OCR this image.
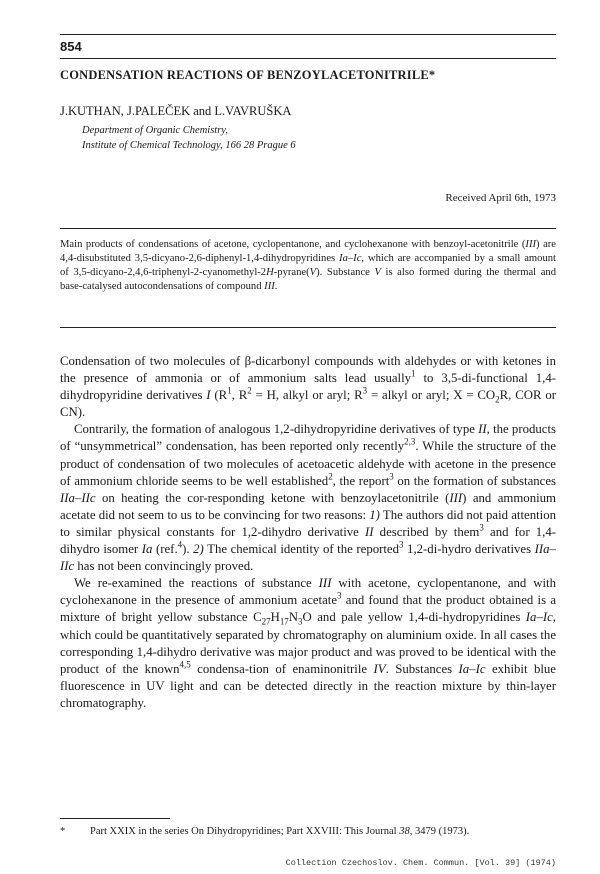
854
CONDENSATION REACTIONS OF BENZOYLACETONITRILE*
J.KUTHAN, J.PALEČEK and L.VAVRUŠKA
Department of Organic Chemistry,
Institute of Chemical Technology, 166 28 Prague 6
Received April 6th, 1973
Main products of condensations of acetone, cyclopentanone, and cyclohexanone with benzoyl-acetonitrile (III) are 4,4-disubstituted 3,5-dicyano-2,6-diphenyl-1,4-dihydropyridines Ia–Ic, which are accompanied by a small amount of 3,5-dicyano-2,4,6-triphenyl-2-cyanomethyl-2H-pyrane(V). Substance V is also formed during the thermal and base-catalysed autocondensations of compound III.

Condensation of two molecules of β-dicarbonyl compounds with aldehydes or with ketones in the presence of ammonia or of ammonium salts lead usually$^1$ to 3,5-di-functional 1,4-dihydropyridine derivatives I ($R^1$, $R^2 = H$, alkyl or aryl; $R^3$ = alkyl or aryl; $X = CO_2R$, COR or CN).

Contrarily, the formation of analogous 1,2-dihydropyridine derivatives of type II, the products of “unsymmetrical” condensation, has been reported only recently$^{2,3}$. While the structure of the product of condensation of two molecules of acetoacetic aldehyde with acetone in the presence of ammonium chloride seems to be well established$^2$, the report$^3$ on the formation of substances IIa–IIc on heating the cor-responding ketone with benzoylacetonitrile (III) and ammonium acetate did not seem to us to be convincing for two reasons: 1) The authors did not paid attention to similar physical constants for 1,2-dihydro derivative II described by them$^3$ and for 1,4-dihydro isomer Ia (ref.$^4$). 2) The chemical identity of the reported$^3$ 1,2-di-hydro derivatives IIa–IIc has not been convincingly proved.

We re-examined the reactions of substance III with acetone, cyclopentanone, and with cyclohexanone in the presence of ammonium acetate$^3$ and found that the product obtained is a mixture of bright yellow substance $C_{27}H_{17}N_3O$ and pale yellow 1,4-di-hydropyridines Ia–Ic, which could be quantitatively separated by chromatography on aluminium oxide. In all cases the corresponding 1,4-dihydro derivative was major product and was proved to be identical with the product of the known$^{4,5}$ condensa-tion of enaminonitrile IV. Substances Ia–Ic exhibit blue fluorescence in UV light and can be detected directly in the reaction mixture by thin-layer chromatography.

* Part XXIX in the series On Dihydropyridines; Part XXVIII: This Journal 38, 3479 (1973).
Collection Czechoslov. Chem. Commun. [Vol. 39] (1974)
